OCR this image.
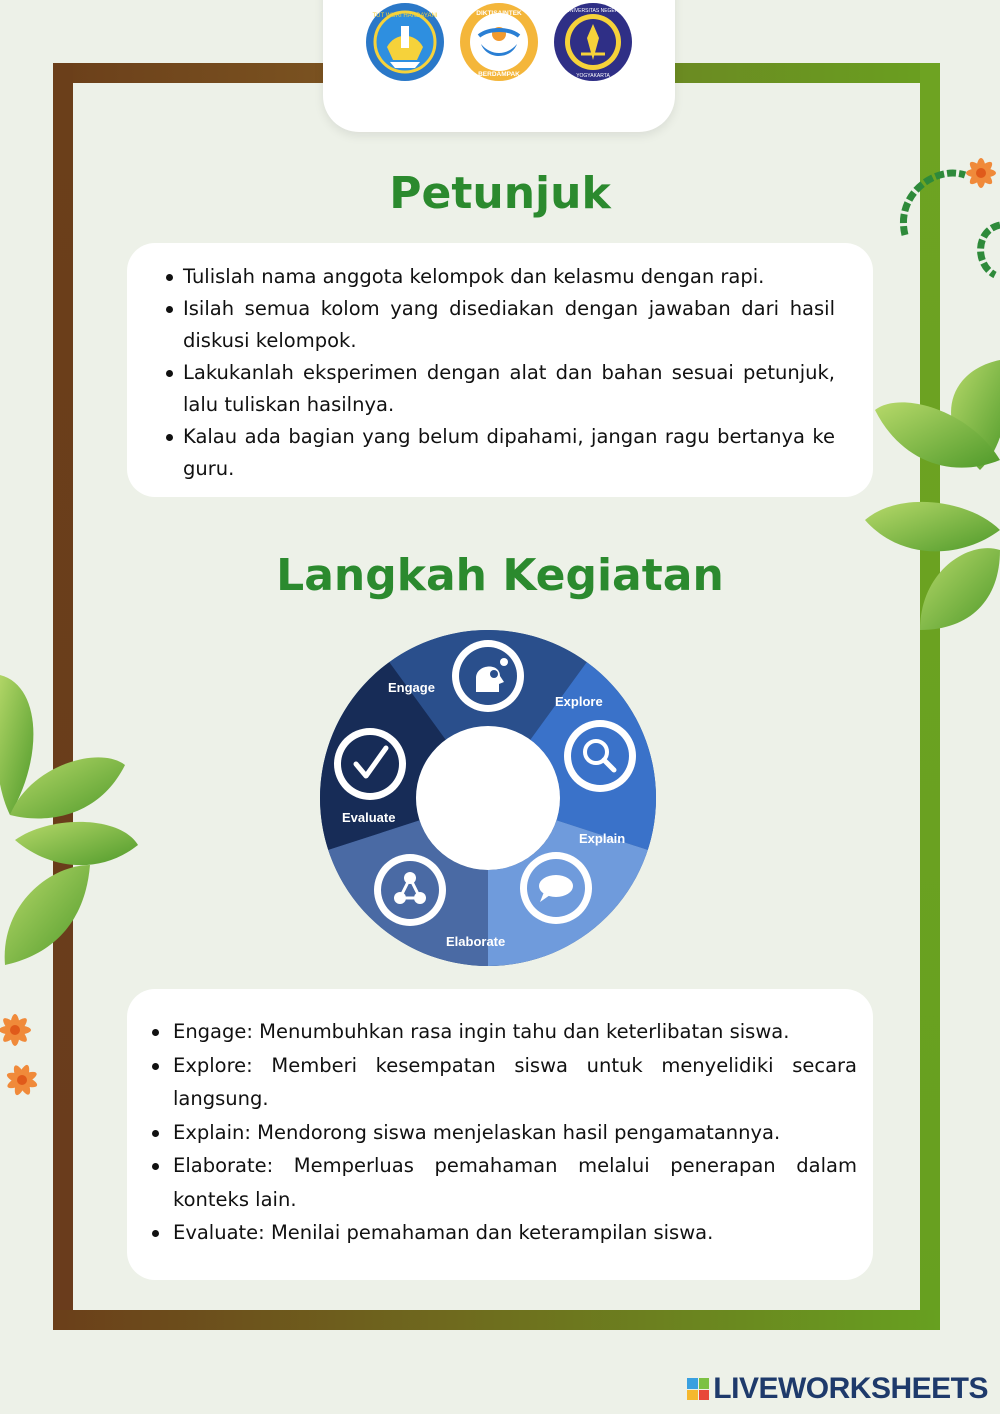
TUT WURI HANDAYANI	DIKTISAINTEK
BERDAMPAK
UNIVERSITAS NEGERI
YOGYAKARTA
Petunjuk
Tulislah nama anggota kelompok dan kelasmu dengan rapi.
Isilah semua kolom yang disediakan dengan jawaban dari hasil diskusi kelompok.
Lakukanlah eksperimen dengan alat dan bahan sesuai petunjuk, lalu tuliskan hasilnya.
Kalau ada bagian yang belum dipahami, jangan ragu bertanya ke guru.
Langkah Kegiatan
Engage
Explore
Explain
Elaborate
Evaluate
Engage: Menumbuhkan rasa ingin tahu dan keterlibatan siswa.
Explore: Memberi kesempatan siswa untuk menyelidiki secara langsung.
Explain: Mendorong siswa menjelaskan hasil pengamatannya.
Elaborate: Memperluas pemahaman melalui penerapan dalam konteks lain.
Evaluate: Menilai pemahaman dan keterampilan siswa.
LIVEWORKSHEETS
